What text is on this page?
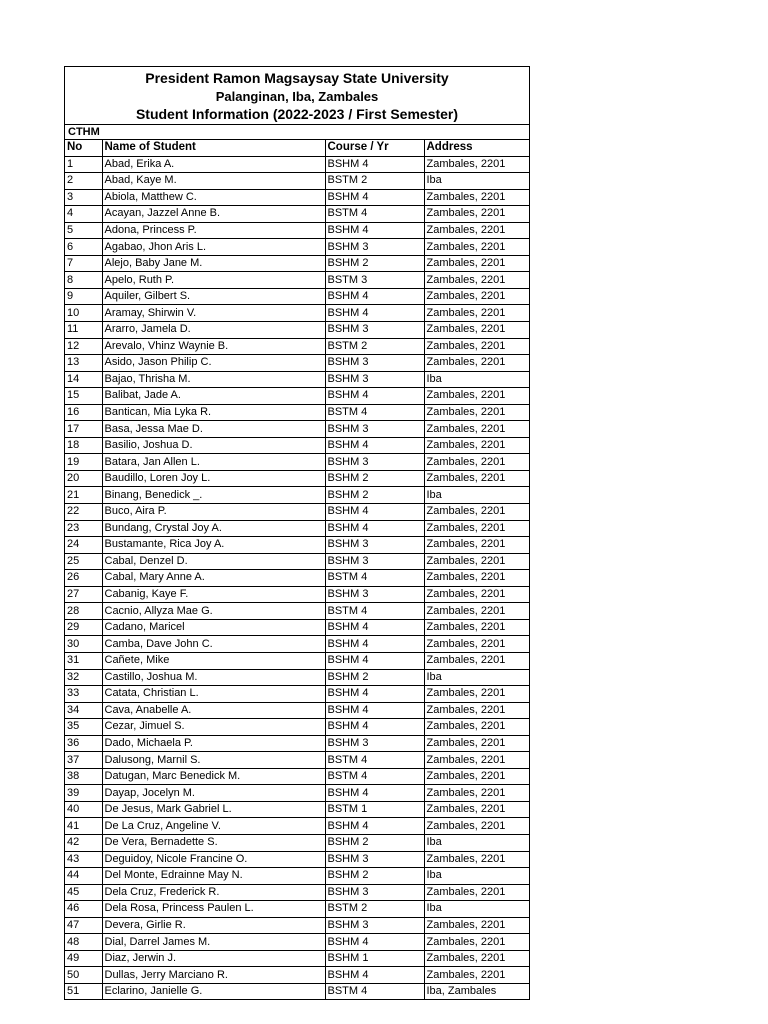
President Ramon Magsaysay State University
Palanginan, Iba, Zambales
Student Information (2022-2023 / First Semester)
CTHM
No	Name of Student	Course / Yr	Address
1	Abad, Erika A.	BSHM 4	Zambales, 2201
2	Abad, Kaye M.	BSTM 2	Iba
3	Abiola, Matthew C.	BSHM 4	Zambales, 2201
4	Acayan, Jazzel Anne B.	BSTM 4	Zambales, 2201
5	Adona, Princess P.	BSHM 4	Zambales, 2201
6	Agabao, Jhon Aris L.	BSHM 3	Zambales, 2201
7	Alejo, Baby Jane M.	BSHM 2	Zambales, 2201
8	Apelo, Ruth P.	BSTM 3	Zambales, 2201
9	Aquiler, Gilbert S.	BSHM 4	Zambales, 2201
10	Aramay, Shirwin V.	BSHM 4	Zambales, 2201
11	Ararro, Jamela D.	BSHM 3	Zambales, 2201
12	Arevalo, Vhinz Waynie B.	BSTM 2	Zambales, 2201
13	Asido, Jason Philip C.	BSHM 3	Zambales, 2201
14	Bajao, Thrisha M.	BSHM 3	Iba
15	Balibat, Jade A.	BSHM 4	Zambales, 2201
16	Bantican, Mia Lyka R.	BSTM 4	Zambales, 2201
17	Basa, Jessa Mae D.	BSHM 3	Zambales, 2201
18	Basilio, Joshua D.	BSHM 4	Zambales, 2201
19	Batara, Jan Allen L.	BSHM 3	Zambales, 2201
20	Baudillo, Loren Joy L.	BSHM 2	Zambales, 2201
21	Binang, Benedick _.	BSHM 2	Iba
22	Buco, Aira P.	BSHM 4	Zambales, 2201
23	Bundang, Crystal Joy A.	BSHM 4	Zambales, 2201
24	Bustamante, Rica Joy A.	BSHM 3	Zambales, 2201
25	Cabal, Denzel D.	BSHM 3	Zambales, 2201
26	Cabal, Mary Anne A.	BSTM 4	Zambales, 2201
27	Cabanig, Kaye F.	BSHM 3	Zambales, 2201
28	Cacnio, Allyza Mae G.	BSTM 4	Zambales, 2201
29	Cadano, Maricel	BSHM 4	Zambales, 2201
30	Camba, Dave John C.	BSHM 4	Zambales, 2201
31	Cañete, Mike	BSHM 4	Zambales, 2201
32	Castillo, Joshua M.	BSHM 2	Iba
33	Catata, Christian L.	BSHM 4	Zambales, 2201
34	Cava, Anabelle A.	BSHM 4	Zambales, 2201
35	Cezar, Jimuel S.	BSHM 4	Zambales, 2201
36	Dado, Michaela P.	BSHM 3	Zambales, 2201
37	Dalusong, Marnil S.	BSTM 4	Zambales, 2201
38	Datugan, Marc Benedick M.	BSTM 4	Zambales, 2201
39	Dayap, Jocelyn M.	BSHM 4	Zambales, 2201
40	De Jesus, Mark Gabriel L.	BSTM 1	Zambales, 2201
41	De La Cruz, Angeline V.	BSHM 4	Zambales, 2201
42	De Vera, Bernadette S.	BSHM 2	Iba
43	Deguidoy, Nicole Francine O.	BSHM 3	Zambales, 2201
44	Del Monte, Edrainne May N.	BSHM 2	Iba
45	Dela Cruz, Frederick R.	BSHM 3	Zambales, 2201
46	Dela Rosa, Princess Paulen L.	BSTM 2	Iba
47	Devera, Girlie R.	BSHM 3	Zambales, 2201
48	Dial, Darrel James M.	BSHM 4	Zambales, 2201
49	Diaz, Jerwin J.	BSHM 1	Zambales, 2201
50	Dullas, Jerry Marciano R.	BSHM 4	Zambales, 2201
51	Eclarino, Janielle G.	BSTM 4	Iba, Zambales
